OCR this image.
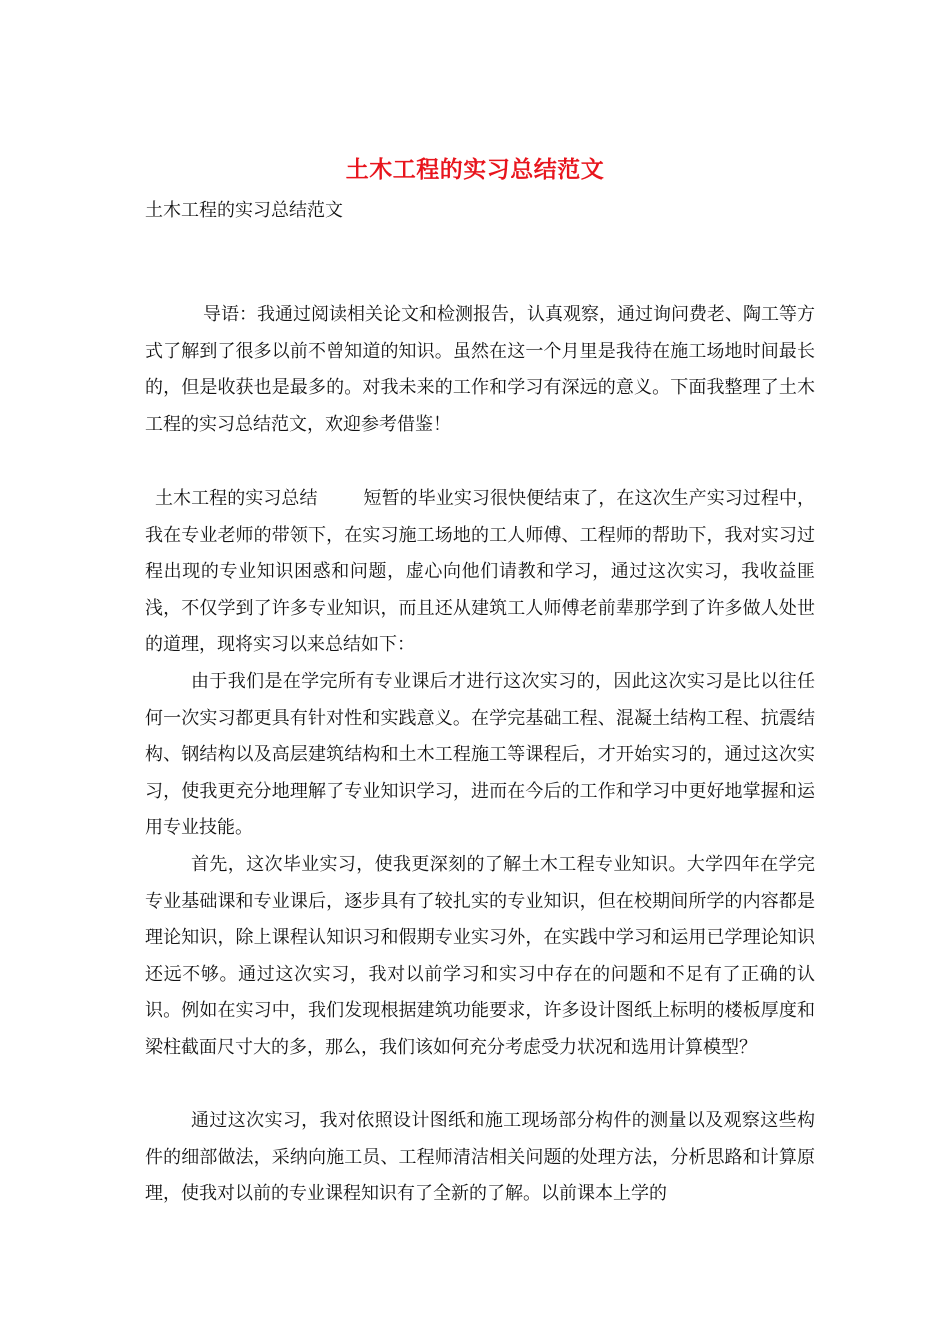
土木工程的实习总结范文
土木工程的实习总结范文

导语：我通过阅读相关论文和检测报告，认真观察，通过询问费老、陶工等方式了解到了很多以前不曾知道的知识。虽然在这一个月里是我待在施工场地时间最长的，但是收获也是最多的。对我未来的工作和学习有深远的意义。下面我整理了土木工程的实习总结范文，欢迎参考借鉴！

土木工程的实习总结	短暂的毕业实习很快便结束了，在这次生产实习过程中，我在专业老师的带领下，在实习施工场地的工人师傅、工程师的帮助下，我对实习过程出现的专业知识困惑和问题，虚心向他们请教和学习，通过这次实习，我收益匪浅，不仅学到了许多专业知识，而且还从建筑工人师傅老前辈那学到了许多做人处世的道理，现将实习以来总结如下：

由于我们是在学完所有专业课后才进行这次实习的，因此这次实习是比以往任何一次实习都更具有针对性和实践意义。在学完基础工程、混凝土结构工程、抗震结构、钢结构以及高层建筑结构和土木工程施工等课程后，才开始实习的，通过这次实习，使我更充分地理解了专业知识学习，进而在今后的工作和学习中更好地掌握和运用专业技能。

首先，这次毕业实习，使我更深刻的了解土木工程专业知识。大学四年在学完专业基础课和专业课后，逐步具有了较扎实的专业知识，但在校期间所学的内容都是理论知识，除上课程认知识习和假期专业实习外，在实践中学习和运用已学理论知识还远不够。通过这次实习，我对以前学习和实习中存在的问题和不足有了正确的认识。例如在实习中，我们发现根据建筑功能要求，许多设计图纸上标明的楼板厚度和梁柱截面尺寸大的多，那么，我们该如何充分考虑受力状况和选用计算模型？

通过这次实习，我对依照设计图纸和施工现场部分构件的测量以及观察这些构件的细部做法，采纳向施工员、工程师清洁相关问题的处理方法，分析思路和计算原理，使我对以前的专业课程知识有了全新的了解。以前课本上学的
